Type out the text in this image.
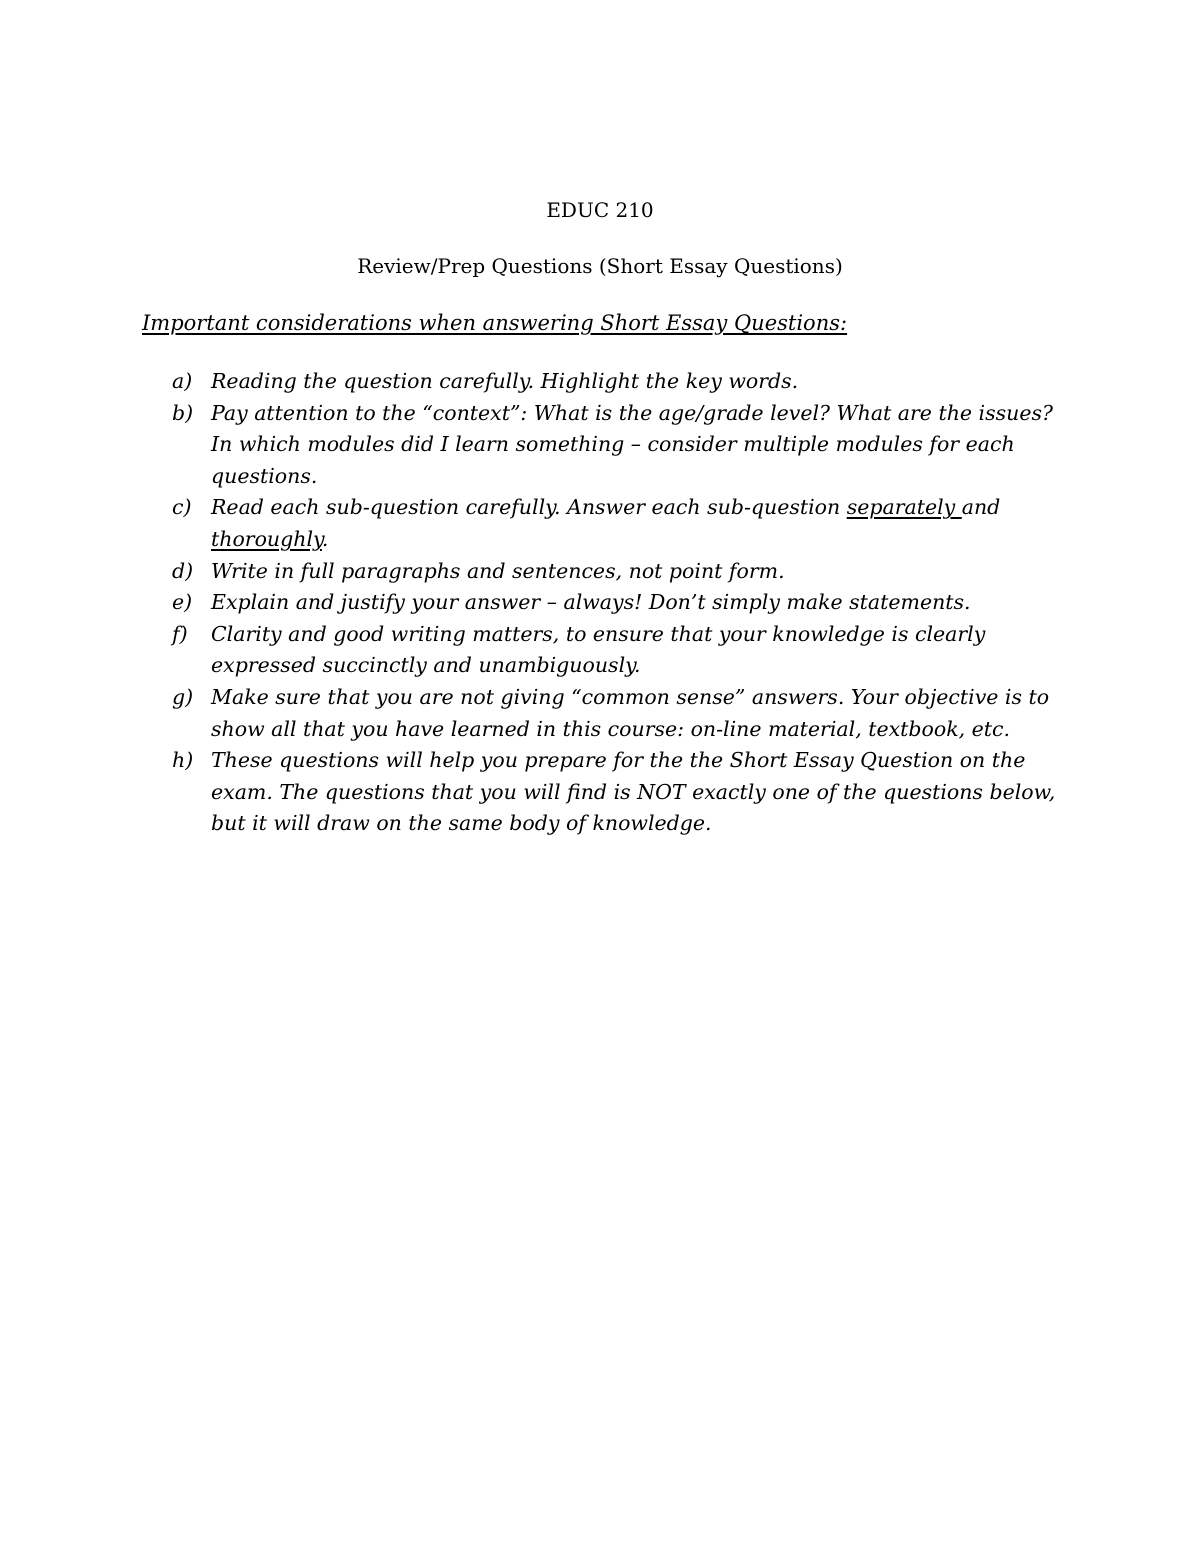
EDUC 210
Review/Prep Questions (Short Essay Questions)
Important considerations when answering Short Essay Questions:
a) Reading the question carefully. Highlight the key words.
b) Pay attention to the “context”: What is the age/grade level? What are the issues? In which modules did I learn something – consider multiple modules for each questions.
c) Read each sub-question carefully. Answer each sub-question separately and thoroughly.
d) Write in full paragraphs and sentences, not point form.
e) Explain and justify your answer – always! Don’t simply make statements.
f) Clarity and good writing matters, to ensure that your knowledge is clearly expressed succinctly and unambiguously.
g) Make sure that you are not giving “common sense” answers. Your objective is to show all that you have learned in this course: on-line material, textbook, etc.
h) These questions will help you prepare for the the Short Essay Question on the exam. The questions that you will find is NOT exactly one of the questions below, but it will draw on the same body of knowledge.
